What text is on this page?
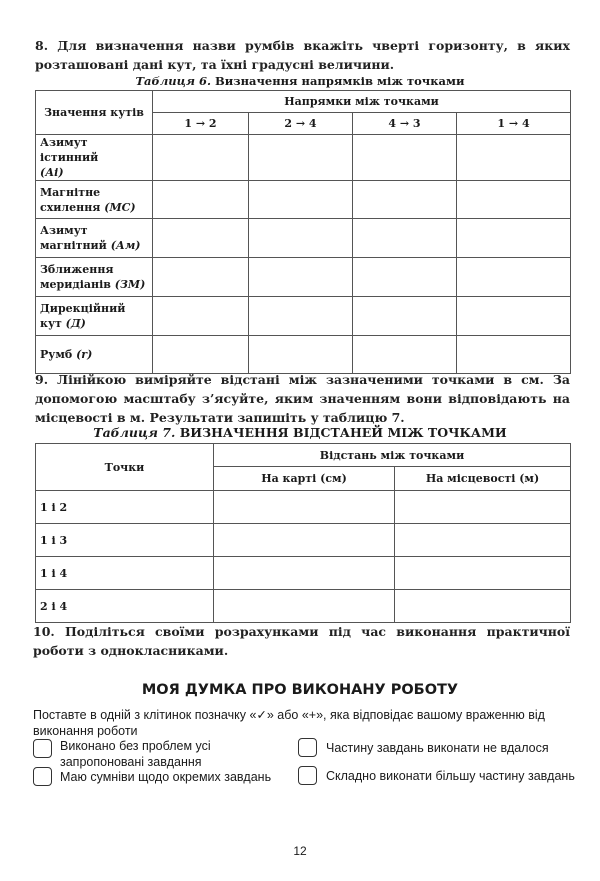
8. Для визначення назви румбів вкажіть чверті горизонту, в яких розташовані дані кут, та їхні градусні величини.
Таблиця 6. Визначення напрямків між точками
Значення кутів	Напрямки між точками			
	1 → 2	2 → 4	4 → 3	1 → 4
Азимут істинний
(Аі)				
Магнітне схилення (МС)				
Азимут магнітний (Ам)				
Зближення меридіанів (ЗМ)				
Дирекційний кут (Д)				
Румб (r)				
9. Лінійкою виміряйте відстані між зазначеними точками в см. За допомогою масштабу з’ясуйте, яким значенням вони відповідають на місцевості в м. Результати запишіть у таблицю 7.
Таблиця 7. ВИЗНАЧЕННЯ ВІДСТАНЕЙ МІЖ ТОЧКАМИ
Точки	Відстань між точками	
	На карті (см)	На місцевості (м)
1 і 2		
1 і 3		
1 і 4		
2 і 4		
10. Поділіться своїми розрахунками під час виконання практичної роботи з однокласниками.
МОЯ ДУМКА ПРО ВИКОНАНУ РОБОТУ
Поставте в одній з клітинок позначку «✓» або «+», яка відповідає вашому враженню від виконання роботи
Виконано без проблем усі запропоновані завдання
Маю сумніви щодо окремих завдань
Частину завдань виконати не вдалося
Складно виконати більшу частину завдань
12
